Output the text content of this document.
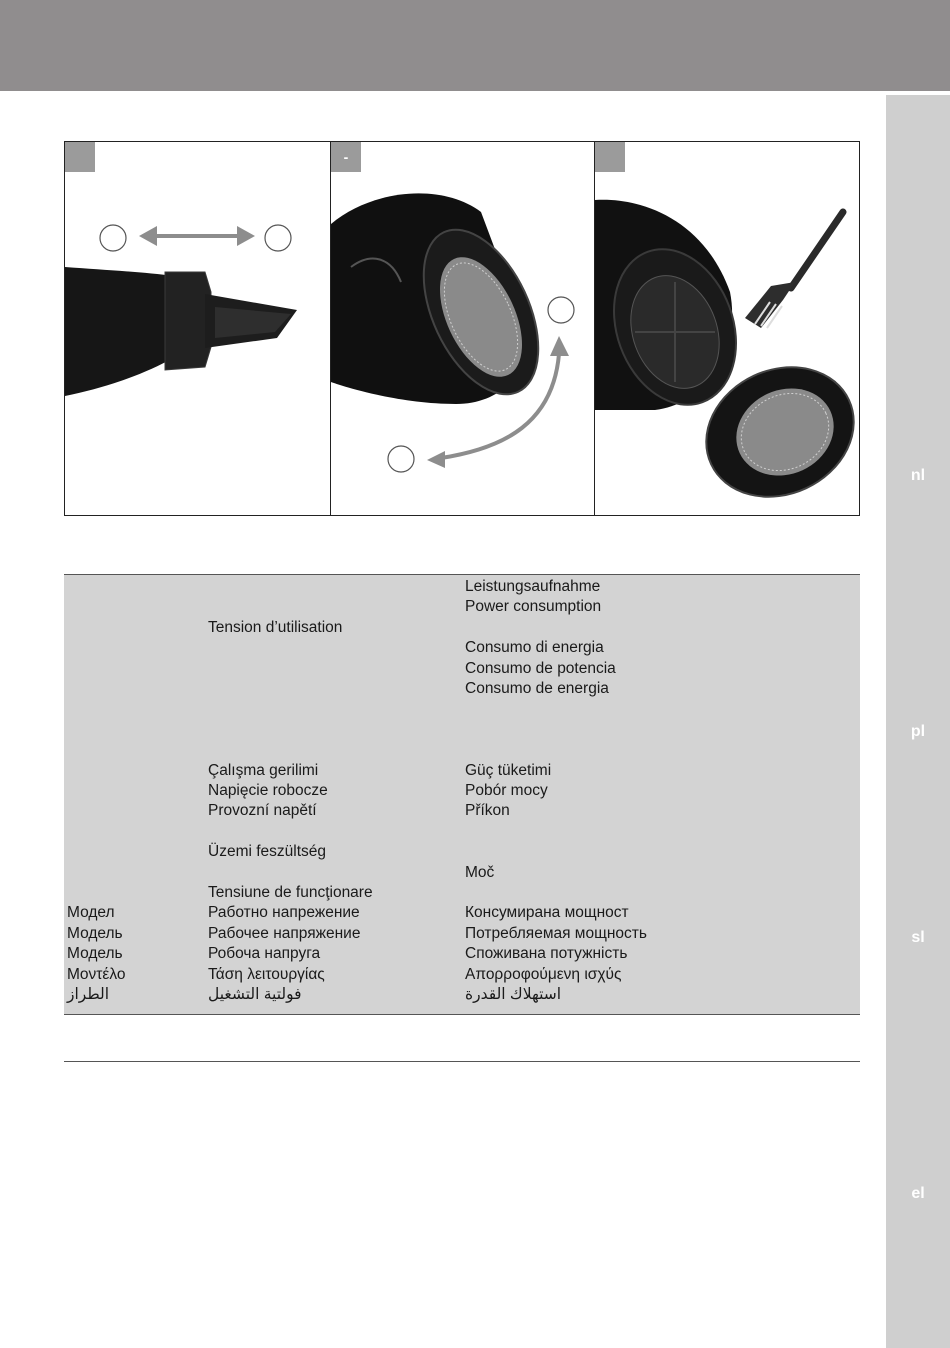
nl
pl
sl
el
-
Модел
Модель
Модель
Μοντέλο
الطراز
Tension d’utilisation
Çalışma gerilimi
Napięcie robocze
Provozní napětí
Üzemi feszültség
Tensiune de funcţionare
Работно напрежение
Рабочее напряжение
Робоча напруга
Τάση λειτουργίας
فولتية التشغيل
Leistungsaufnahme
Power consumption
Consumo di energia
Consumo de potencia
Consumo de energia
Güç tüketimi
Pobór mocy
Příkon
Moč
Консумирана мощност
Потребляемая мощность
Споживана потужність
Απορροφούμενη ισχύς
استهلاك القدرة
